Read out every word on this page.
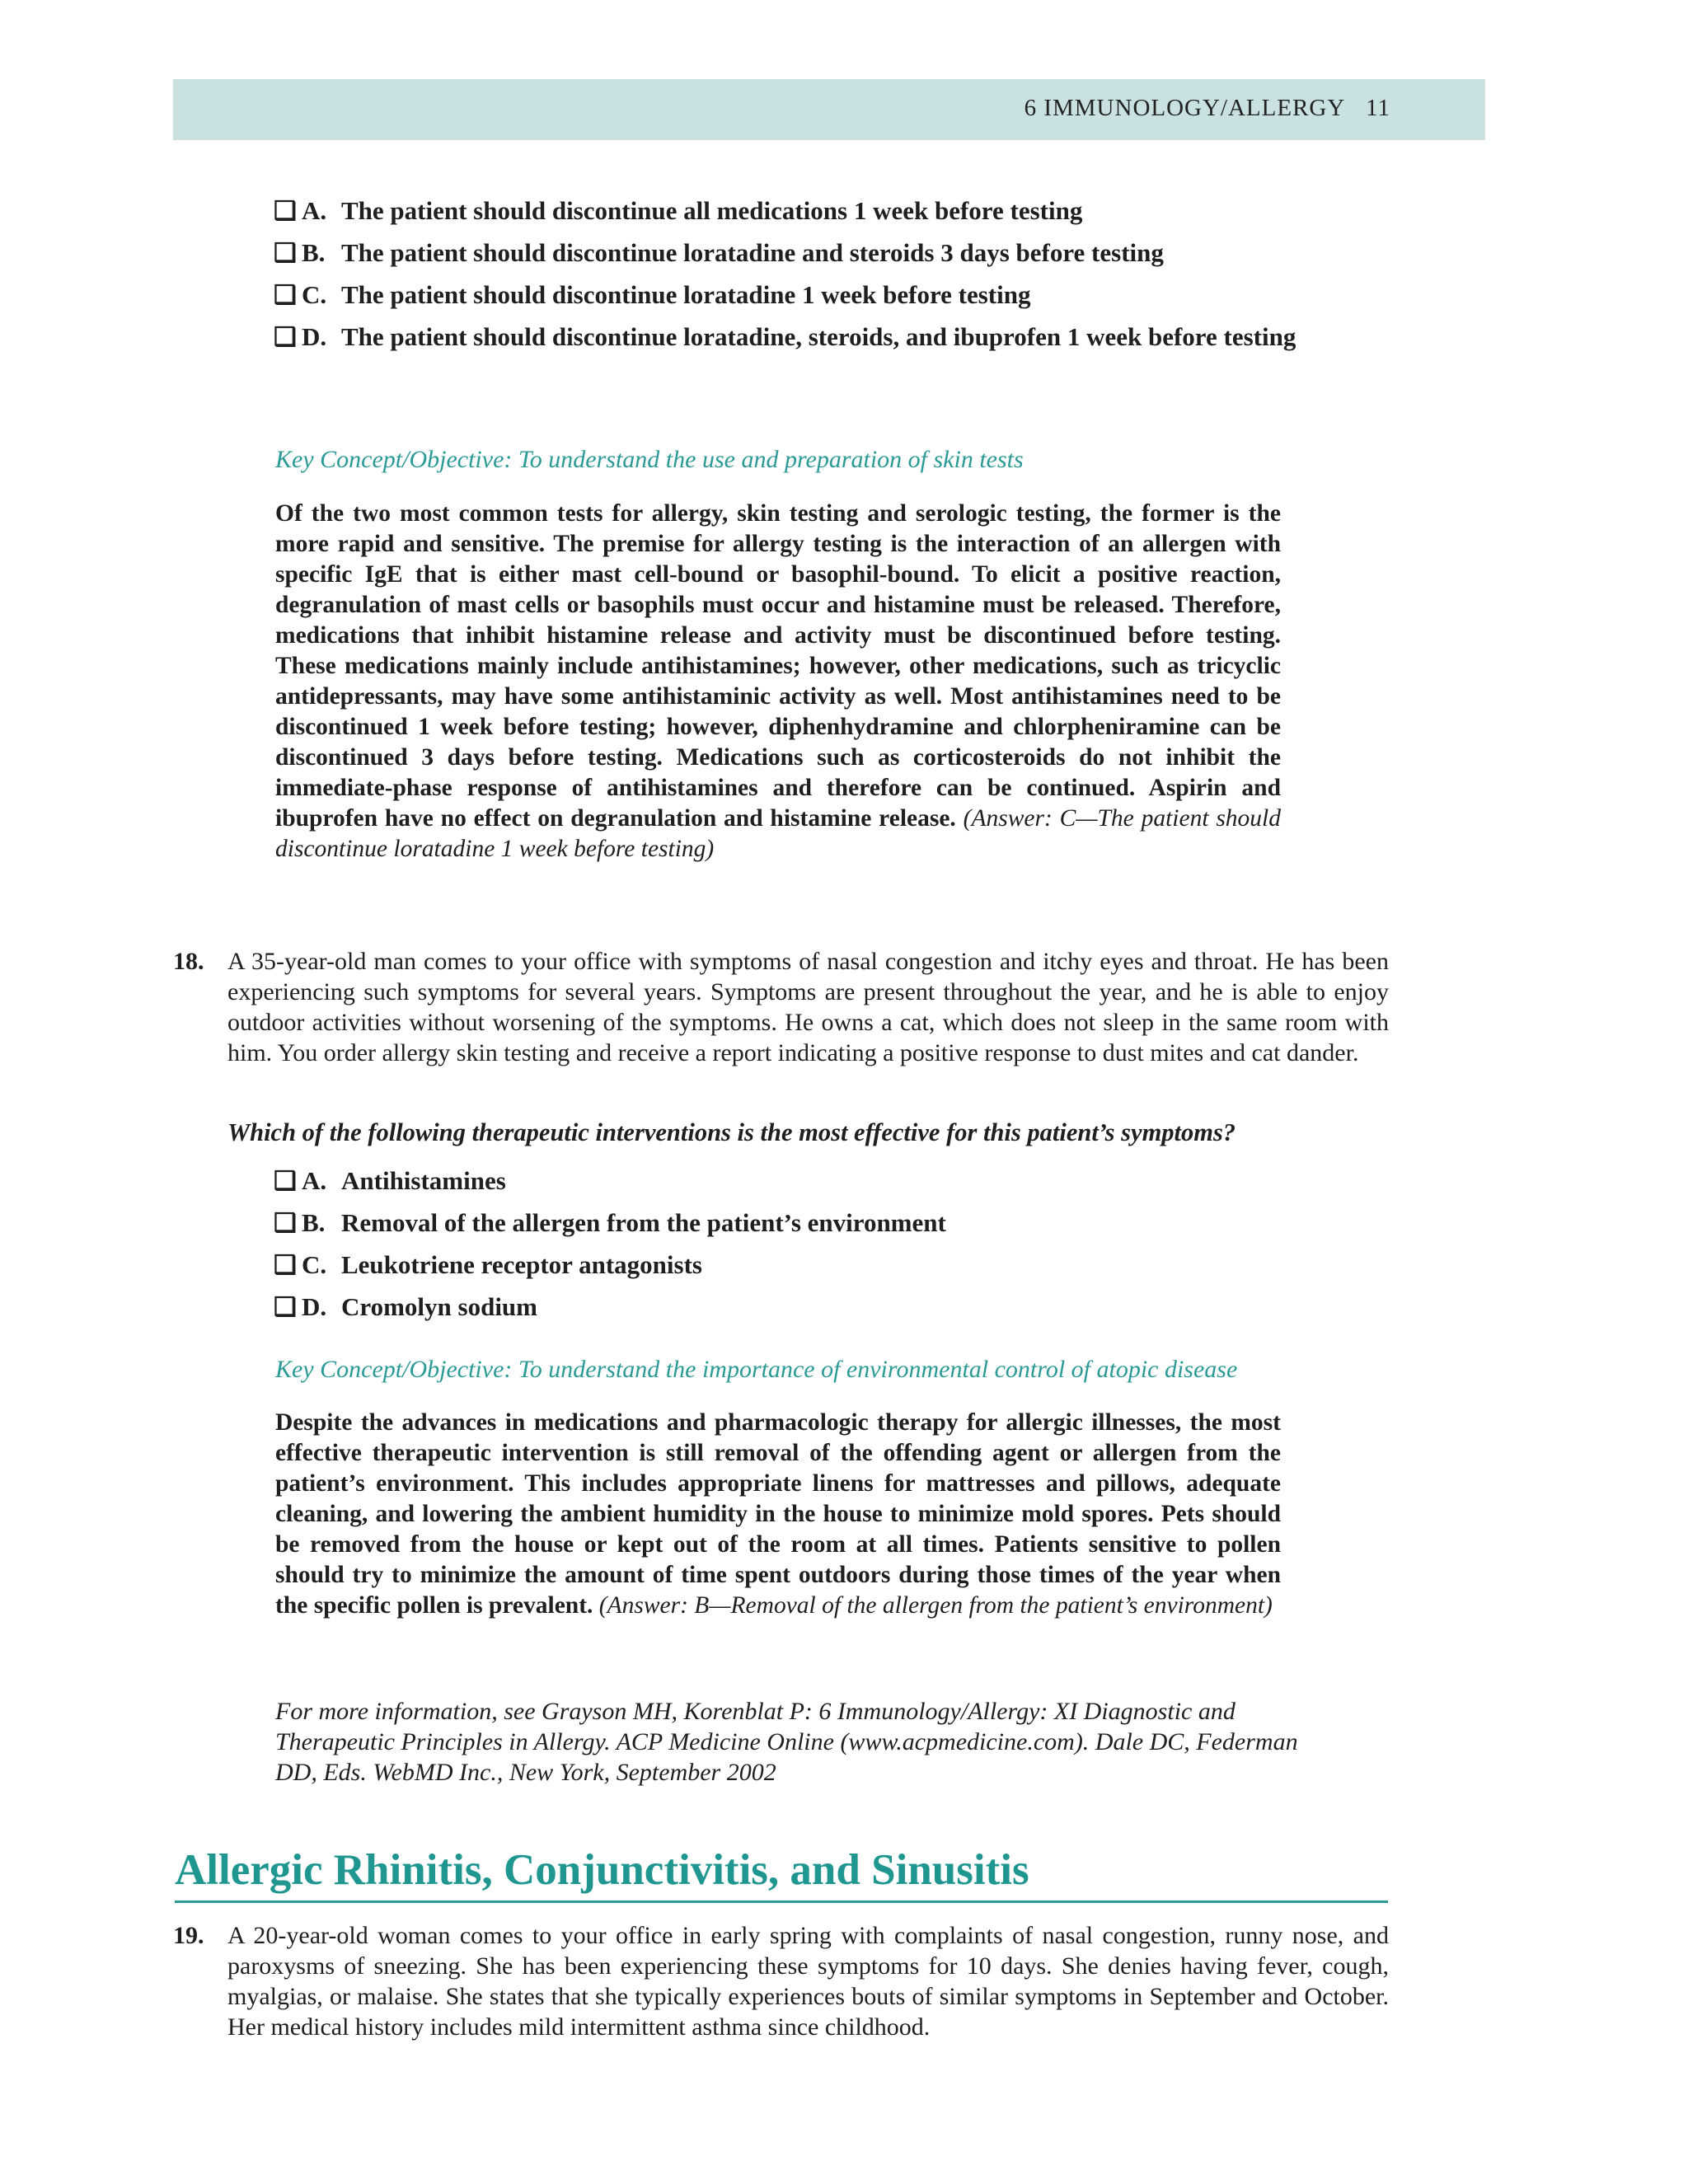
6 IMMUNOLOGY/ALLERGY 11
❑ A. The patient should discontinue all medications 1 week before testing
❑ B. The patient should discontinue loratadine and steroids 3 days before testing
❑ C. The patient should discontinue loratadine 1 week before testing
❑ D. The patient should discontinue loratadine, steroids, and ibuprofen 1 week before testing
Key Concept/Objective: To understand the use and preparation of skin tests
Of the two most common tests for allergy, skin testing and serologic testing, the former is the more rapid and sensitive. The premise for allergy testing is the interaction of an allergen with specific IgE that is either mast cell-bound or basophil-bound. To elicit a positive reaction, degranulation of mast cells or basophils must occur and histamine must be released. Therefore, medications that inhibit histamine release and activity must be discontinued before testing. These medications mainly include antihistamines; however, other medications, such as tricyclic antidepressants, may have some antihistaminic activity as well. Most antihistamines need to be discontinued 1 week before testing; however, diphenhydramine and chlorpheniramine can be discontinued 3 days before testing. Medications such as corticosteroids do not inhibit the immediate-phase response of antihistamines and therefore can be continued. Aspirin and ibuprofen have no effect on degranulation and histamine release. (Answer: C—The patient should discontinue loratadine 1 week before testing)
18. A 35-year-old man comes to your office with symptoms of nasal congestion and itchy eyes and throat. He has been experiencing such symptoms for several years. Symptoms are present throughout the year, and he is able to enjoy outdoor activities without worsening of the symptoms. He owns a cat, which does not sleep in the same room with him. You order allergy skin testing and receive a report indicating a positive response to dust mites and cat dander.
Which of the following therapeutic interventions is the most effective for this patient’s symptoms?
❑ A. Antihistamines
❑ B. Removal of the allergen from the patient’s environment
❑ C. Leukotriene receptor antagonists
❑ D. Cromolyn sodium
Key Concept/Objective: To understand the importance of environmental control of atopic disease
Despite the advances in medications and pharmacologic therapy for allergic illnesses, the most effective therapeutic intervention is still removal of the offending agent or allergen from the patient’s environment. This includes appropriate linens for mattresses and pillows, adequate cleaning, and lowering the ambient humidity in the house to minimize mold spores. Pets should be removed from the house or kept out of the room at all times. Patients sensitive to pollen should try to minimize the amount of time spent outdoors during those times of the year when the specific pollen is prevalent. (Answer: B—Removal of the allergen from the patient’s environment)
For more information, see Grayson MH, Korenblat P: 6 Immunology/Allergy: XI Diagnostic and Therapeutic Principles in Allergy. ACP Medicine Online (www.acpmedicine.com). Dale DC, Federman DD, Eds. WebMD Inc., New York, September 2002
Allergic Rhinitis, Conjunctivitis, and Sinusitis
19. A 20-year-old woman comes to your office in early spring with complaints of nasal congestion, runny nose, and paroxysms of sneezing. She has been experiencing these symptoms for 10 days. She denies having fever, cough, myalgias, or malaise. She states that she typically experiences bouts of similar symptoms in September and October. Her medical history includes mild intermittent asthma since childhood.
